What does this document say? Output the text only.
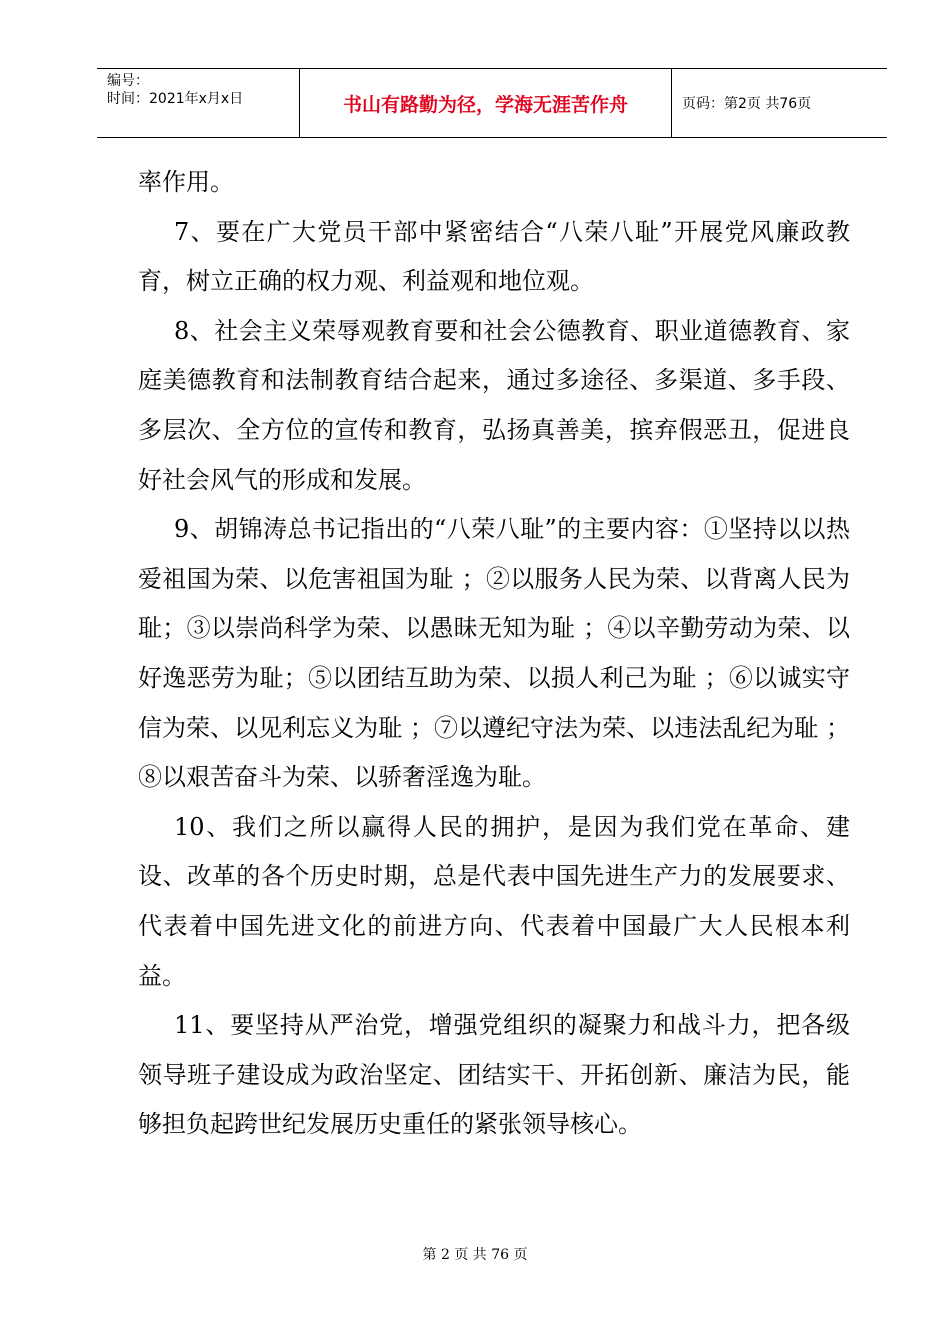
编号：
时间：2021年x月x日	书山有路勤为径，学海无涯苦作舟	页码：第2页 共76页

率作用。

7、要在广大党员干部中紧密结合“八荣八耻”开展党风廉政教育，树立正确的权力观、利益观和地位观。

8、社会主义荣辱观教育要和社会公德教育、职业道德教育、家庭美德教育和法制教育结合起来，通过多途径、多渠道、多手段、多层次、全方位的宣传和教育，弘扬真善美，摈弃假恶丑，促进良好社会风气的形成和发展。

9、胡锦涛总书记指出的“八荣八耻”的主要内容：①坚持以以热爱祖国为荣、以危害祖国为耻 ；②以服务人民为荣、以背离人民为耻；③以崇尚科学为荣、以愚昧无知为耻 ；④以辛勤劳动为荣、以好逸恶劳为耻；⑤以团结互助为荣、以损人利己为耻 ；⑥以诚实守信为荣、以见利忘义为耻 ；⑦以遵纪守法为荣、以违法乱纪为耻 ；⑧以艰苦奋斗为荣、以骄奢淫逸为耻。

10、我们之所以赢得人民的拥护，是因为我们党在革命、建设、改革的各个历史时期，总是代表中国先进生产力的发展要求、代表着中国先进文化的前进方向、代表着中国最广大人民根本利益。

11、要坚持从严治党，增强党组织的凝聚力和战斗力，把各级领导班子建设成为政治坚定、团结实干、开拓创新、廉洁为民，能够担负起跨世纪发展历史重任的紧张领导核心。

第 2 页 共 76 页
